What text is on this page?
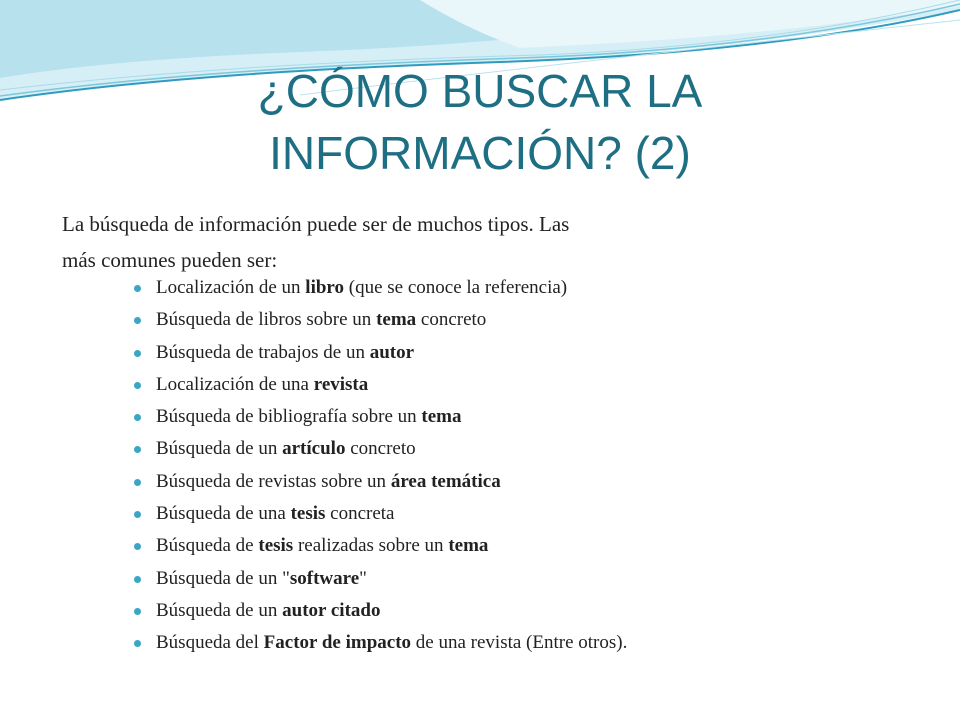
¿CÓMO BUSCAR LA
INFORMACIÓN? (2)

La búsqueda de información puede ser de muchos tipos. Las
más comunes pueden ser:

Localización de un libro (que se conoce la referencia)
Búsqueda de libros sobre un tema concreto
Búsqueda de trabajos de un autor
Localización de una revista
Búsqueda de bibliografía sobre un tema
Búsqueda de un artículo concreto
Búsqueda de revistas sobre un área temática
Búsqueda de una tesis concreta
Búsqueda de tesis realizadas sobre un tema
Búsqueda de un "software"
Búsqueda de un autor citado
Búsqueda del Factor de impacto de una revista (Entre otros).
